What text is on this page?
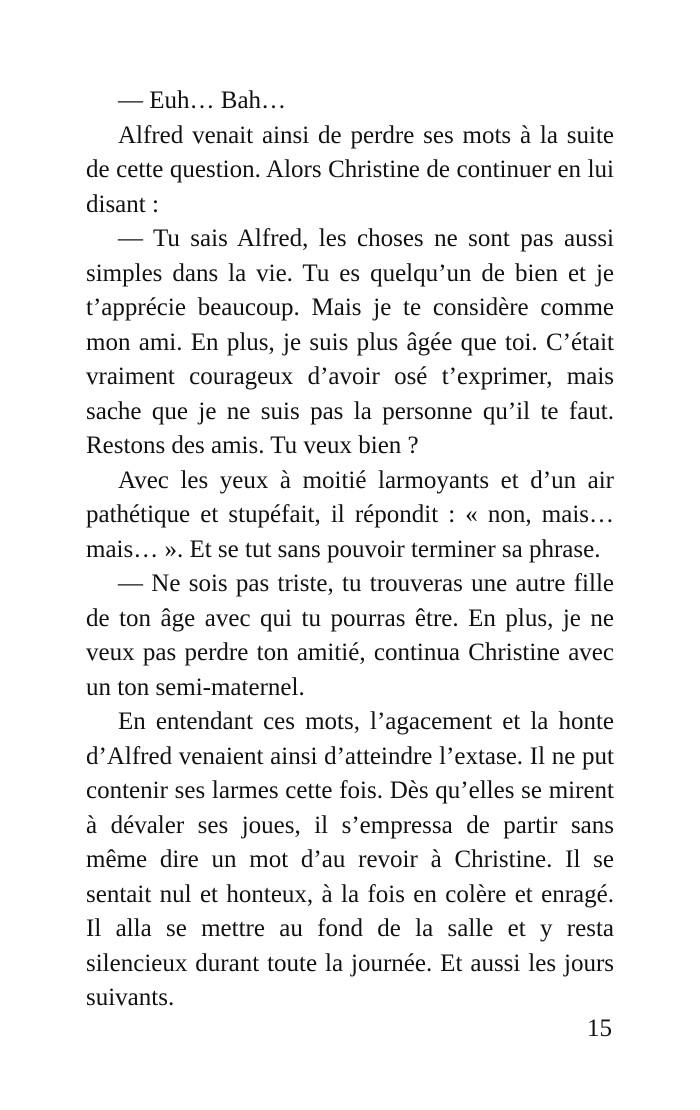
— Euh… Bah…

Alfred venait ainsi de perdre ses mots à la suite de cette question. Alors Christine de continuer en lui disant :

— Tu sais Alfred, les choses ne sont pas aussi simples dans la vie. Tu es quelqu’un de bien et je t’apprécie beaucoup. Mais je te considère comme mon ami. En plus, je suis plus âgée que toi. C’était vraiment courageux d’avoir osé t’exprimer, mais sache que je ne suis pas la personne qu’il te faut. Restons des amis. Tu veux bien ?

Avec les yeux à moitié larmoyants et d’un air pathétique et stupéfait, il répondit : « non, mais… mais… ». Et se tut sans pouvoir terminer sa phrase.

— Ne sois pas triste, tu trouveras une autre fille de ton âge avec qui tu pourras être. En plus, je ne veux pas perdre ton amitié, continua Christine avec un ton semi-maternel.

En entendant ces mots, l’agacement et la honte d’Alfred venaient ainsi d’atteindre l’extase. Il ne put contenir ses larmes cette fois. Dès qu’elles se mirent à dévaler ses joues, il s’empressa de partir sans même dire un mot d’au revoir à Christine. Il se sentait nul et honteux, à la fois en colère et enragé. Il alla se mettre au fond de la salle et y resta silencieux durant toute la journée. Et aussi les jours suivants.

15
